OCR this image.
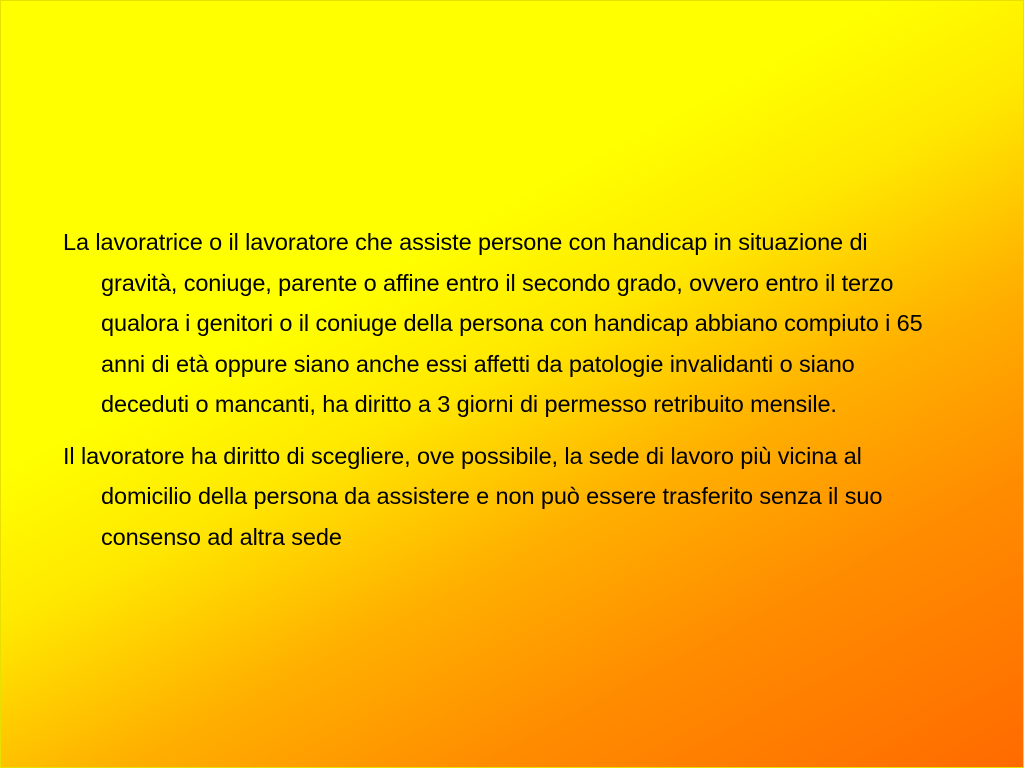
La lavoratrice o il lavoratore che assiste persone con handicap in situazione di gravità, coniuge, parente o affine entro il secondo grado, ovvero entro il terzo qualora i genitori o il coniuge della persona con handicap abbiano compiuto i 65 anni di età oppure siano anche essi affetti da patologie invalidanti o siano deceduti o mancanti, ha diritto a 3 giorni di permesso retribuito mensile.

Il lavoratore ha diritto di scegliere, ove possibile, la sede di lavoro più vicina al domicilio della persona da assistere e non può essere trasferito senza il suo consenso ad altra sede
